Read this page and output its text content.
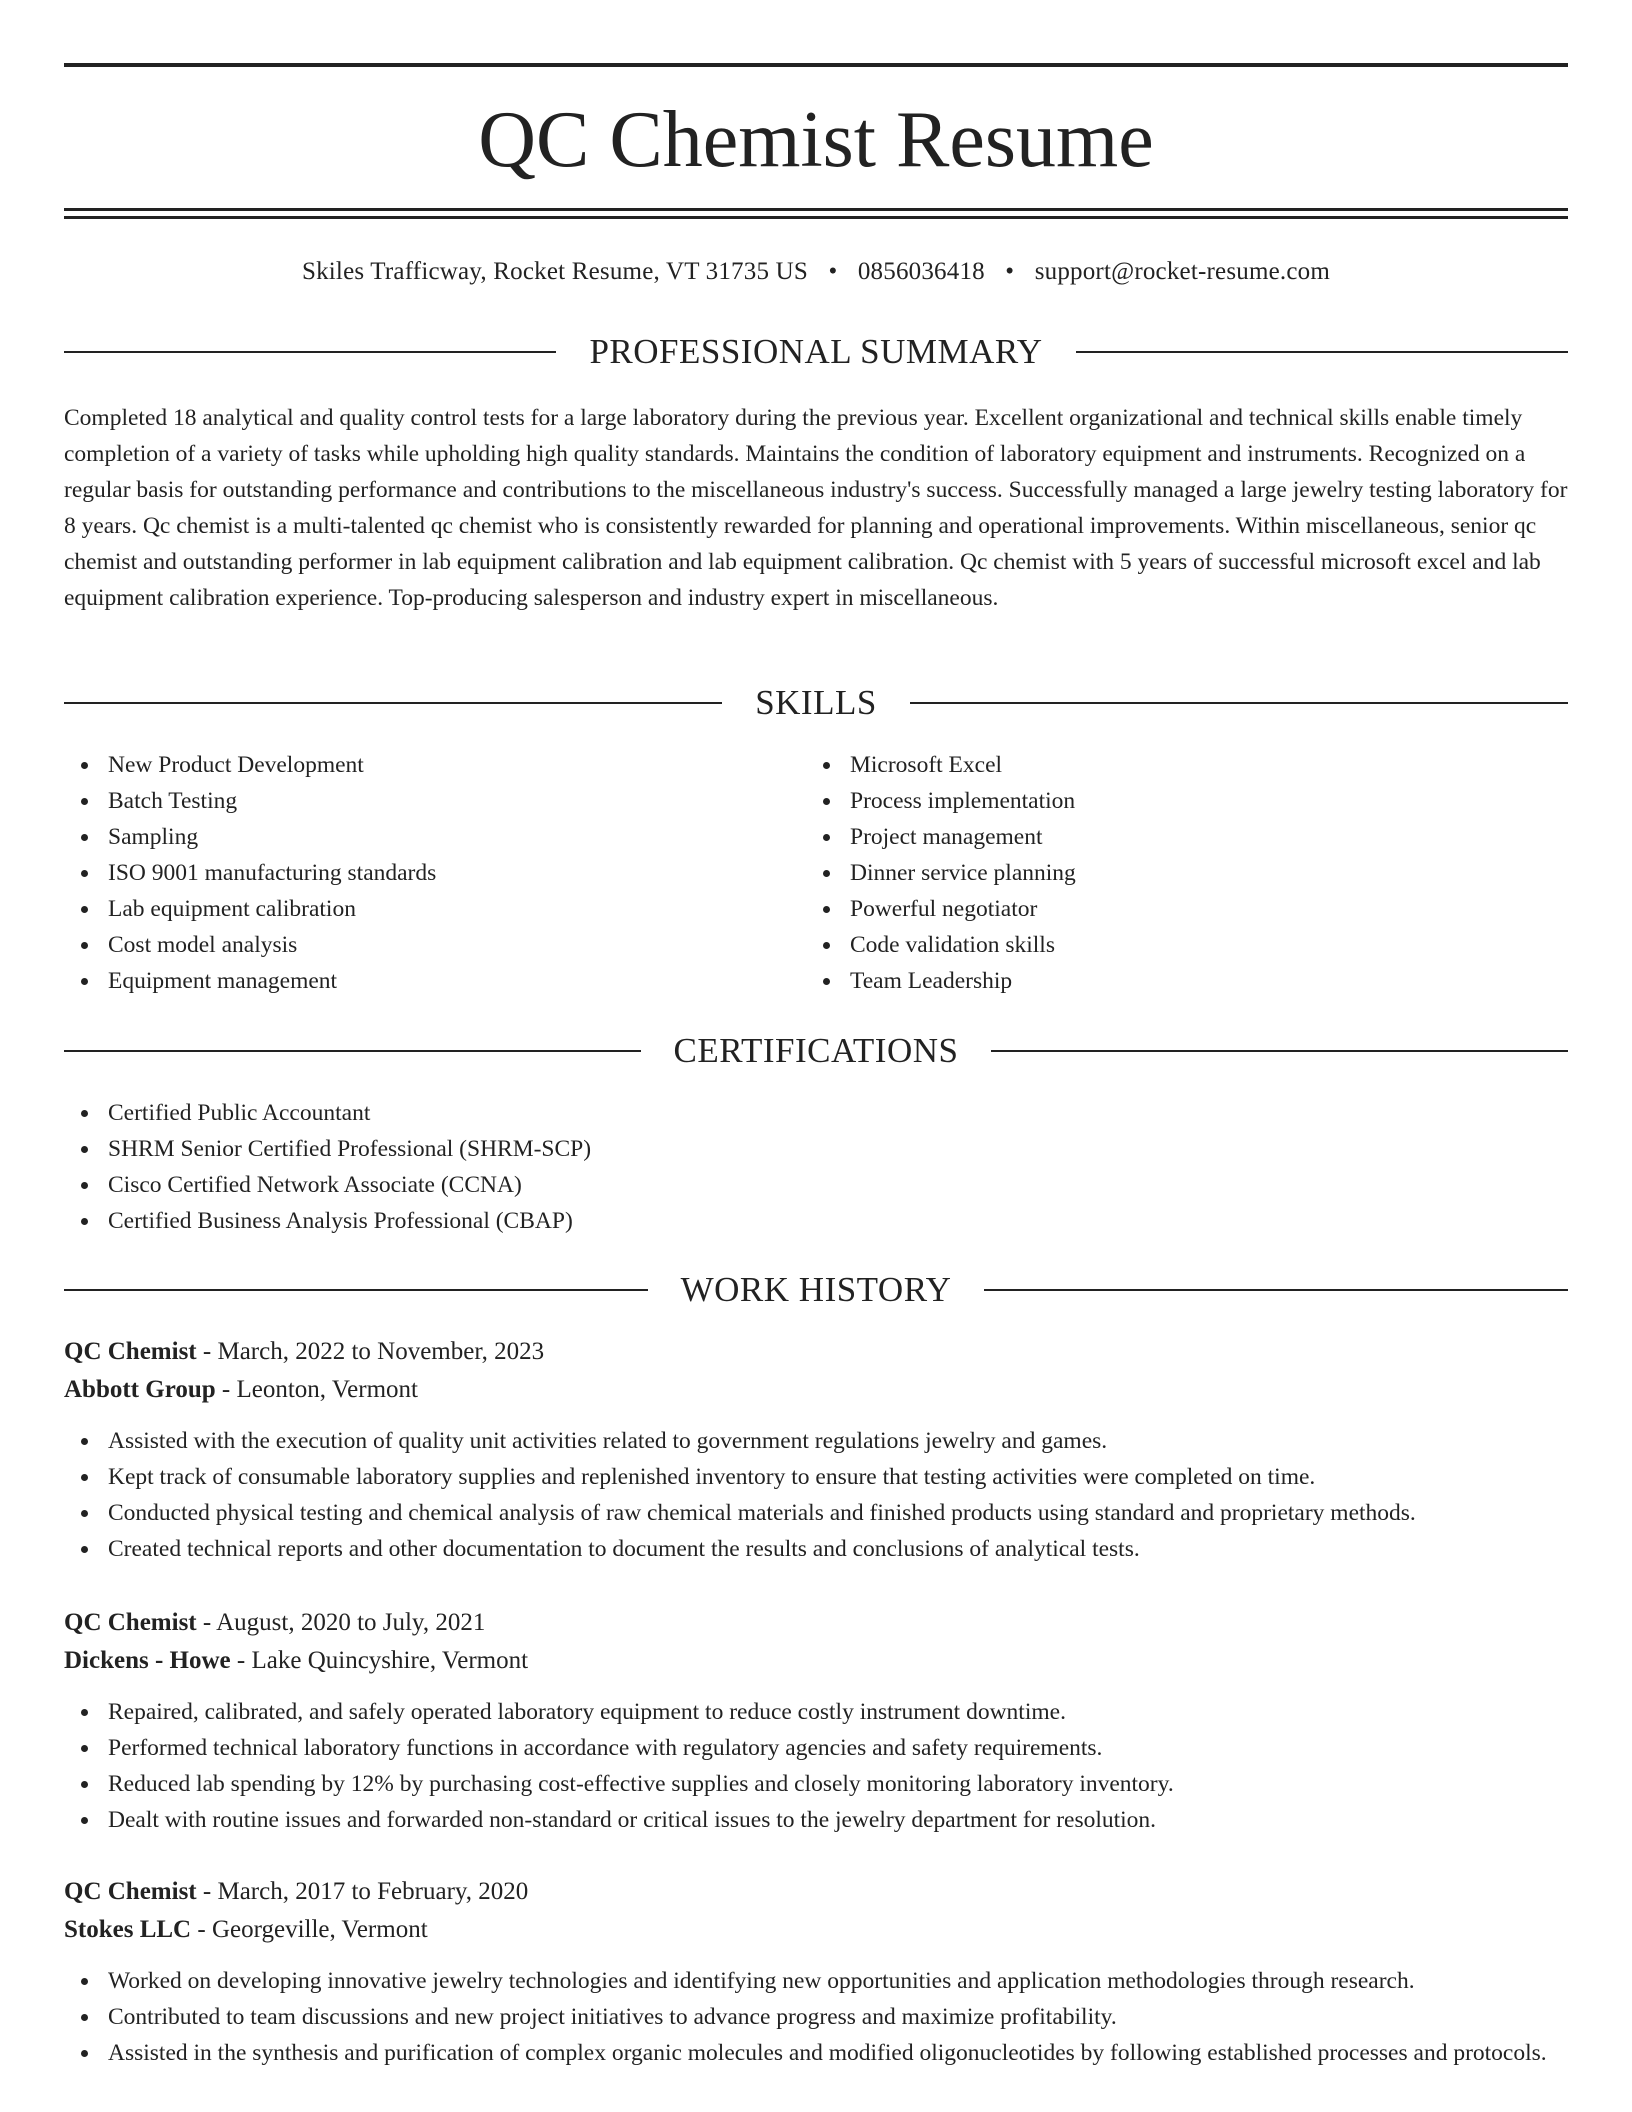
QC Chemist Resume
Skiles Trafficway, Rocket Resume, VT 31735 US • 0856036418 • support@rocket-resume.com
PROFESSIONAL SUMMARY

Completed 18 analytical and quality control tests for a large laboratory during the previous year. Excellent organizational and technical skills enable timely completion of a variety of tasks while upholding high quality standards. Maintains the condition of laboratory equipment and instruments. Recognized on a regular basis for outstanding performance and contributions to the miscellaneous industry's success. Successfully managed a large jewelry testing laboratory for 8 years. Qc chemist is a multi-talented qc chemist who is consistently rewarded for planning and operational improvements. Within miscellaneous, senior qc chemist and outstanding performer in lab equipment calibration and lab equipment calibration. Qc chemist with 5 years of successful microsoft excel and lab equipment calibration experience. Top-producing salesperson and industry expert in miscellaneous.

SKILLS
New Product Development
Batch Testing
Sampling
ISO 9001 manufacturing standards
Lab equipment calibration
Cost model analysis
Equipment management
Microsoft Excel
Process implementation
Project management
Dinner service planning
Powerful negotiator
Code validation skills
Team Leadership
CERTIFICATIONS
Certified Public Accountant
SHRM Senior Certified Professional (SHRM-SCP)
Cisco Certified Network Associate (CCNA)
Certified Business Analysis Professional (CBAP)
WORK HISTORY
QC Chemist - March, 2022 to November, 2023
Abbott Group - Leonton, Vermont
Assisted with the execution of quality unit activities related to government regulations jewelry and games.
Kept track of consumable laboratory supplies and replenished inventory to ensure that testing activities were completed on time.
Conducted physical testing and chemical analysis of raw chemical materials and finished products using standard and proprietary methods.
Created technical reports and other documentation to document the results and conclusions of analytical tests.
QC Chemist - August, 2020 to July, 2021
Dickens - Howe - Lake Quincyshire, Vermont
Repaired, calibrated, and safely operated laboratory equipment to reduce costly instrument downtime.
Performed technical laboratory functions in accordance with regulatory agencies and safety requirements.
Reduced lab spending by 12% by purchasing cost-effective supplies and closely monitoring laboratory inventory.
Dealt with routine issues and forwarded non-standard or critical issues to the jewelry department for resolution.
QC Chemist - March, 2017 to February, 2020
Stokes LLC - Georgeville, Vermont
Worked on developing innovative jewelry technologies and identifying new opportunities and application methodologies through research.
Contributed to team discussions and new project initiatives to advance progress and maximize profitability.
Assisted in the synthesis and purification of complex organic molecules and modified oligonucleotides by following established processes and protocols.
